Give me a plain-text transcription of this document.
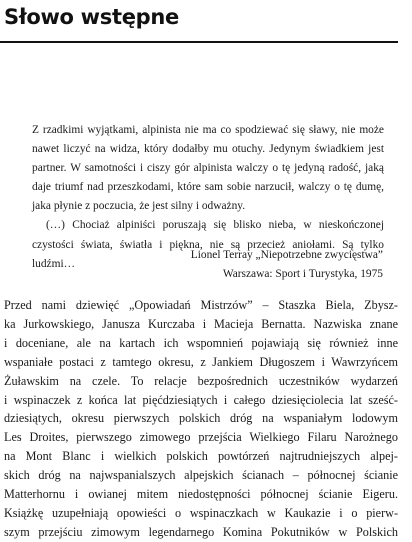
Słowo wstępne

Z rzadkimi wyjątkami, alpinista nie ma co spodziewać się sławy, nie może nawet liczyć na widza, który dodałby mu otuchy. Jedynym świadkiem jest partner. W samotności i ciszy gór alpinista walczy o tę jedyną radość, jaką daje triumf nad przeszkodami, które sam sobie narzucił, walczy o tę dumę, jaka płynie z poczucia, że jest silny i odważny.

(…) Chociaż alpiniści poruszają się blisko nieba, w nieskończonej czystości świata, światła i piękna, nie są przecież aniołami. Są tylko ludźmi…

Lionel Terray „Niepotrzebne zwycięstwa”
Warszawa: Sport i Turystyka, 1975
Przed nami dziewięć „Opowiadań Mistrzów” – Staszka Biela, Zbysz-
ka Jurkowskiego, Janusza Kurczaba i Macieja Bernatta. Nazwiska znane
i doceniane, ale na kartach ich wspomnień pojawiają się również inne
wspaniałe postaci z tamtego okresu, z Jankiem Długoszem i Wawrzyńcem
Żuławskim na czele. To relacje bezpośrednich uczestników wydarzeń
i wspinaczek z końca lat pięćdziesiątych i całego dziesięciolecia lat sześć-
dziesiątych, okresu pierwszych polskich dróg na wspaniałym lodowym
Les Droites, pierwszego zimowego przejścia Wielkiego Filaru Narożnego
na Mont Blanc i wielkich polskich powtórzeń najtrudniejszych alpej-
skich dróg na najwspanialszych alpejskich ścianach – północnej ścianie
Matterhornu i owianej mitem niedostępności północnej ścianie Eigeru.
Książkę uzupełniają opowieści o wspinaczkach w Kaukazie i o pierw-
szym przejściu zimowym legendarnego Komina Pokutników w Polskich
